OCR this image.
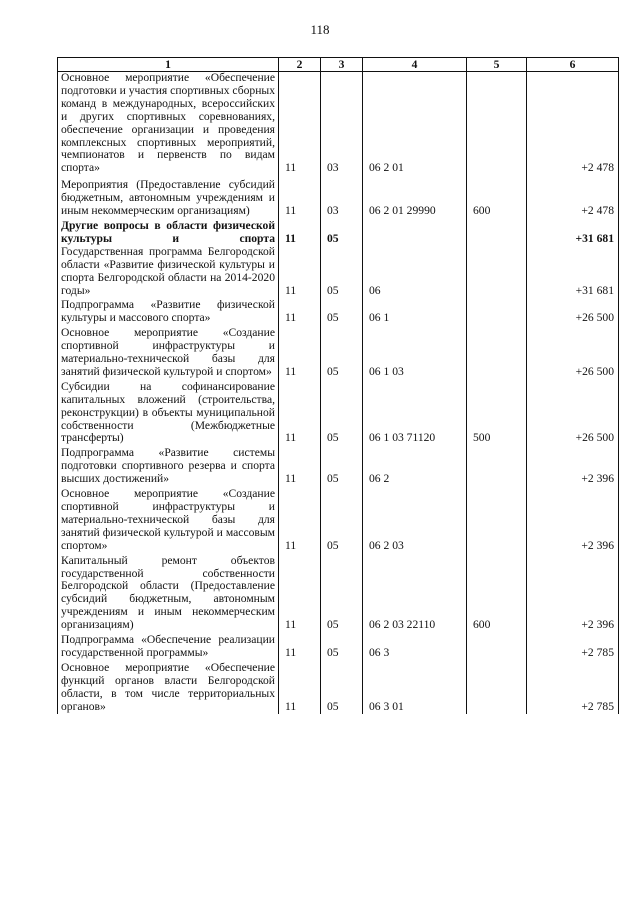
118
1	2	3	4	5	6
Основное мероприятие «Обеспечение подготовки и участия спортивных сборных команд в международных, всероссийских и других спортивных соревнованиях, обеспечение организации и проведения комплексных спортивных мероприятий, чемпионатов и первенств по видам спорта»	11	03	06 2 01		+2 478
Мероприятия (Предоставление субсидий бюджетным, автономным учреждениям и иным некоммерческим организациям)	11	03	06 2 01 29990	600	+2 478
Другие вопросы в области физической культуры и спорта	11	05			+31 681
Государственная программа Белгородской области «Развитие физической культуры и спорта Белгородской области на 2014-2020 годы»	11	05	06		+31 681
Подпрограмма «Развитие физической культуры и массового спорта»	11	05	06 1		+26 500
Основное мероприятие «Создание спортивной инфраструктуры и материально-технической базы для занятий физической культурой и спортом»	11	05	06 1 03		+26 500
Субсидии на софинансирование капитальных вложений (строительства, реконструкции) в объекты муниципальной собственности (Межбюджетные трансферты)	11	05	06 1 03 71120	500	+26 500
Подпрограмма «Развитие системы подготовки спортивного резерва и спорта высших достижений»	11	05	06 2		+2 396
Основное мероприятие «Создание спортивной инфраструктуры и материально-технической базы для занятий физической культурой и массовым спортом»	11	05	06 2 03		+2 396
Капитальный ремонт объектов государственной собственности Белгородской области (Предоставление субсидий бюджетным, автономным учреждениям и иным некоммерческим организациям)	11	05	06 2 03 22110	600	+2 396
Подпрограмма «Обеспечение реализации государственной программы»	11	05	06 3		+2 785
Основное мероприятие «Обеспечение функций органов власти Белгородской области, в том числе территориальных органов»	11	05	06 3 01		+2 785
